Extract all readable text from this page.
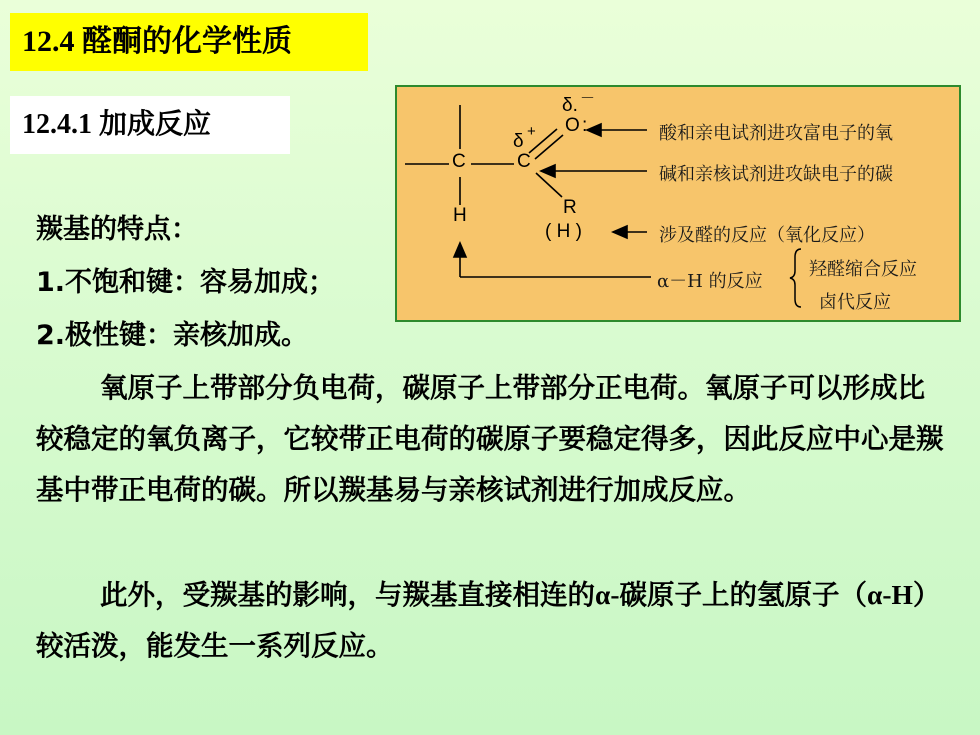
12.4 醛酮的化学性质
12.4.1 加成反应
羰基的特点：
1.不饱和键：容易加成；
2.极性键：亲核加成。
C	C
O :
H	R
( H )
δ. －
δ +	酸和亲电试剂进攻富电子的氧
碱和亲核试剂进攻缺电子的碳
涉及醛的反应（氧化反应）
α－H 的反应
羟醛缩合反应
卤代反应
氧原子上带部分负电荷，碳原子上带部分正电荷。氧原子可以形成比较稳定的氧负离子，它较带正电荷的碳原子要稳定得多，因此反应中心是羰基中带正电荷的碳。所以羰基易与亲核试剂进行加成反应。
此外，受羰基的影响，与羰基直接相连的α-碳原子上的氢原子（α-H）较活泼，能发生一系列反应。
